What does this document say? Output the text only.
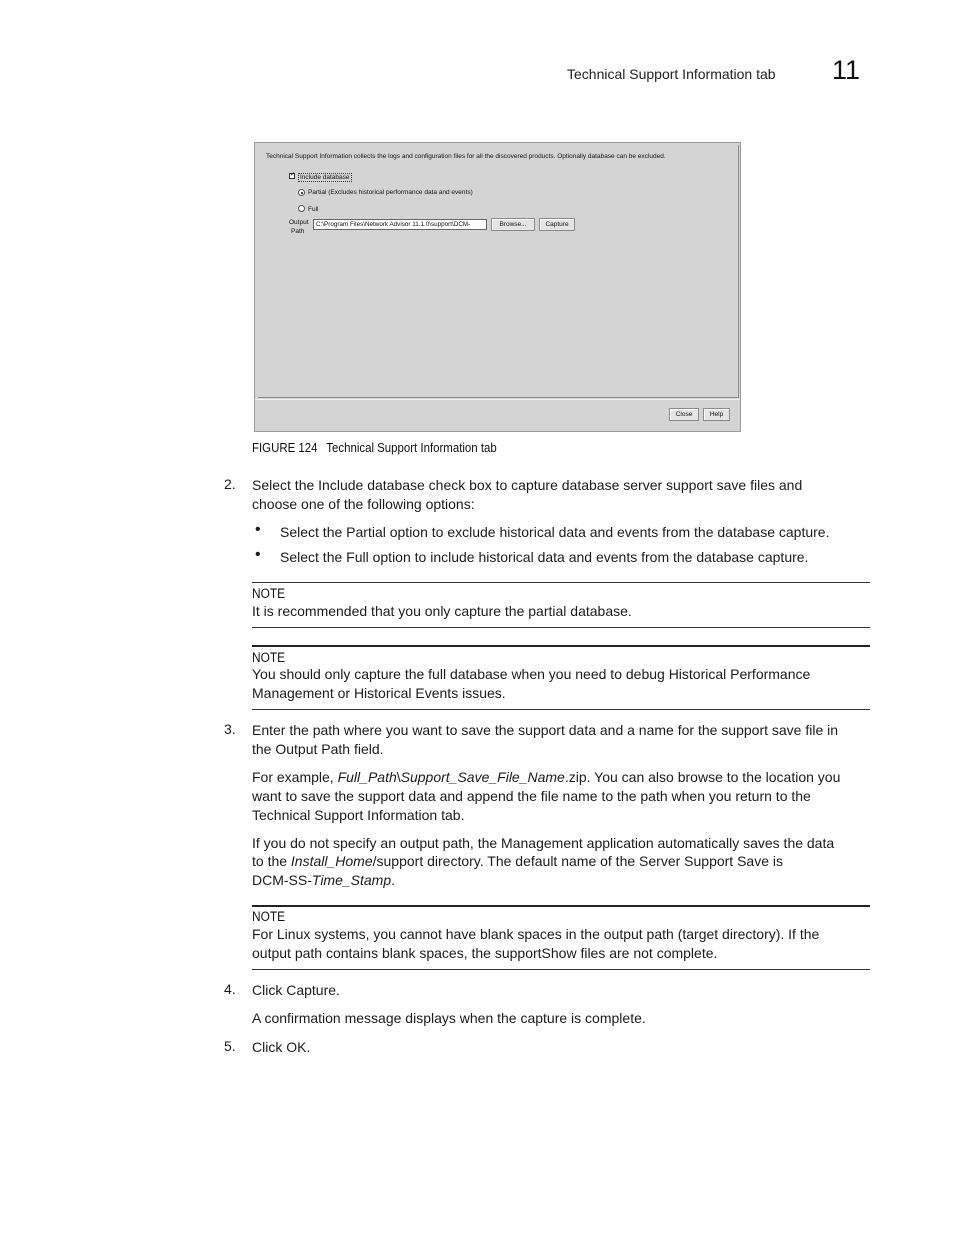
Technical Support Information tab 11
Technical Support Information collects the logs and configuration files for all the discovered products. Optionally database can be excluded.
✓
Include database
Partial (Excludes historical performance data and events)
Full
Output
Path
C:\Program Files\Network Advisor 11.1.0\support\DCM-	Browse...	Capture
Close	Help
FIGURE 124 Technical Support Information tab
2. Select the Include database check box to capture database server support save files and
choose one of the following options:
• Select the Partial option to exclude historical data and events from the database capture.
• Select the Full option to include historical data and events from the database capture.
NOTE
It is recommended that you only capture the partial database.
NOTE
You should only capture the full database when you need to debug Historical Performance
Management or Historical Events issues.
3. Enter the path where you want to save the support data and a name for the support save file in
the Output Path field.
For example, Full_Path\Support_Save_File_Name.zip. You can also browse to the location you
want to save the support data and append the file name to the path when you return to the
Technical Support Information tab.
If you do not specify an output path, the Management application automatically saves the data
to the Install_Home/support directory. The default name of the Server Support Save is
DCM-SS-Time_Stamp.
NOTE
For Linux systems, you cannot have blank spaces in the output path (target directory). If the
output path contains blank spaces, the supportShow files are not complete.
4. Click Capture.
A confirmation message displays when the capture is complete.
5. Click OK.
